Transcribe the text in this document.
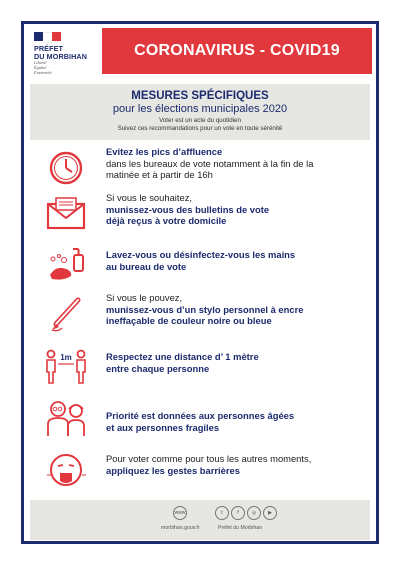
PRÉFET
DU MORBIHAN
Liberté
Égalité
Fraternité
CORONAVIRUS - COVID19
MESURES SPÉCIFIQUES
pour les élections municipales 2020
Voter est un acte du quotidien
Suivez ces recommandations pour un vote en toute sérénité
Evitez les pics d’affluence
dans les bureaux de vote notamment à la fin de la
matinée et à partir de 16h
Si vous le souhaitez,
munissez-vous des bulletins de vote
déjà reçus à votre domicile
Lavez-vous ou désinfectez-vous les mains
au bureau de vote
Si vous le pouvez,
munissez-vous d’un stylo personnel à encre
ineffaçable de couleur noire ou bleue
1m	Respectez une distance d’ 1 mètre
entre chaque personne
Priorité est données aux personnes âgées
et aux personnes fragiles
Pour voter comme pour tous les autres moments,
appliquez les gestes barrières
www	t	f	◎	▶
morbihan.gouv.fr	Préfet du Morbihan
